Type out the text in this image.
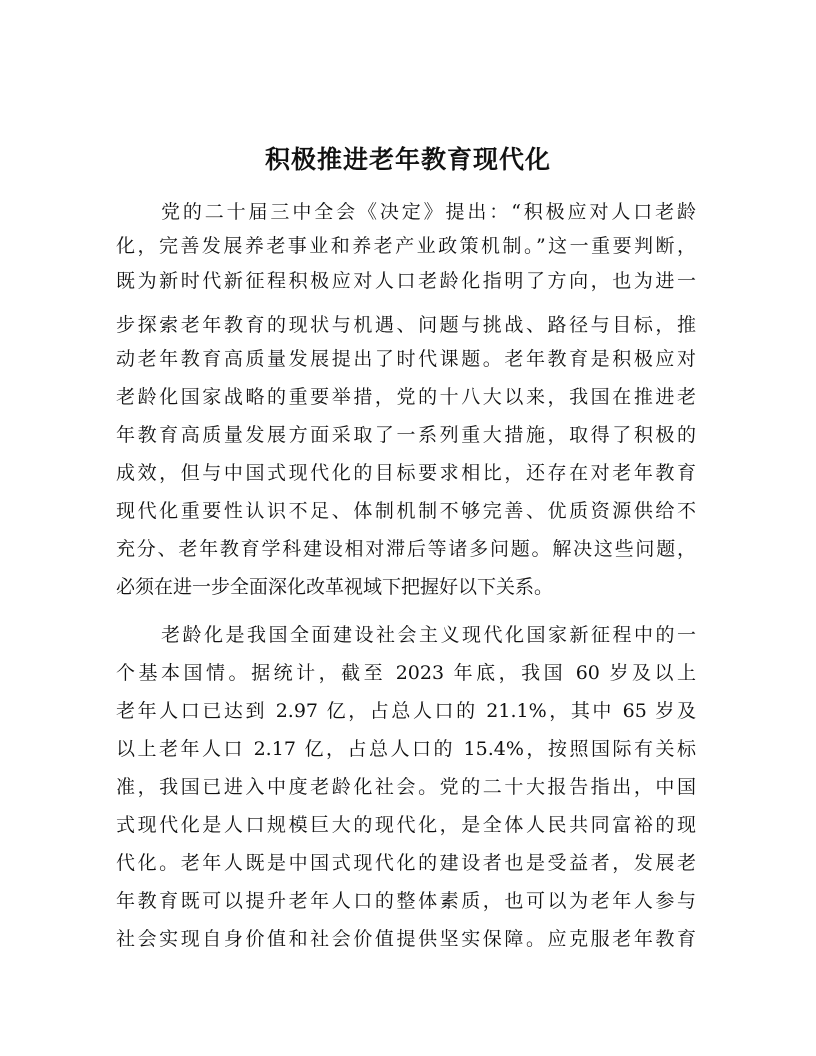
积极推进老年教育现代化
党的二十届三中全会《决定》提出：“积极应对人口老龄
化，完善发展养老事业和养老产业政策机制。”这一重要判断，
既为新时代新征程积极应对人口老龄化指明了方向，也为进一
步探索老年教育的现状与机遇、问题与挑战、路径与目标，推
动老年教育高质量发展提出了时代课题。老年教育是积极应对
老龄化国家战略的重要举措，党的十八大以来，我国在推进老
年教育高质量发展方面采取了一系列重大措施，取得了积极的
成效，但与中国式现代化的目标要求相比，还存在对老年教育
现代化重要性认识不足、体制机制不够完善、优质资源供给不
充分、老年教育学科建设相对滞后等诸多问题。解决这些问题，
必须在进一步全面深化改革视域下把握好以下关系。
老龄化是我国全面建设社会主义现代化国家新征程中的一
个基本国情。据统计，截至 2023 年底，我国 60 岁及以上
老年人口已达到 2.97 亿，占总人口的 21.1%，其中 65 岁及
以上老年人口 2.17 亿，占总人口的 15.4%，按照国际有关标
准，我国已进入中度老龄化社会。党的二十大报告指出，中国
式现代化是人口规模巨大的现代化，是全体人民共同富裕的现
代化。老年人既是中国式现代化的建设者也是受益者，发展老
年教育既可以提升老年人口的整体素质，也可以为老年人参与
社会实现自身价值和社会价值提供坚实保障。应克服老年教育
